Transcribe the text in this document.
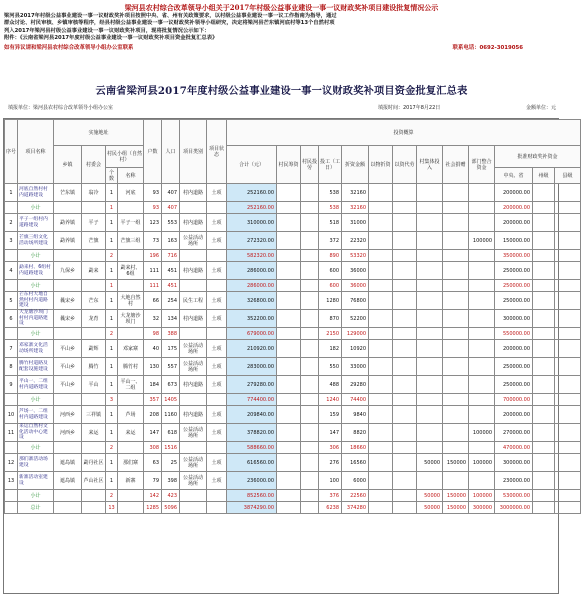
梁河县农村综合改革领导小组关于2017年村级公益事业建设一事一议财政奖补项目建设批复情况公示
梁河县2017年村级公益事业建设一事一议财政奖补项目按照中央、省、州有关政策要求，以村级公益事业建设一事一议工作指南为指导，通过
群众讨论、村民审核、乡镇审核等程序，经县村级公益事业建设一事一议财政奖补领导小组研究，决定将梁河县芒东镇河底村等13个自然村项
列入2017年梁河县村级公益事业建设一事一议财政奖补项目，现将批复情况公示如下：
附件：《云南省梁河县2017年度村级公益事业建设一事一议财政奖补项目资金批复汇总表》
如有异议请和梁河县农村综合改革领导小组办公室联系	联系电话：0692-3019056
云南省梁河县2017年度村级公益事业建设一事一议财政奖补项目资金批复汇总表
填报单位：梁河县农村综合改革领导小组办公室	填报时间：2017年8月22日	金额单位：元
序号	项目名称	实施地址				户数	人口	项目类别	项目状态	投资概算												
		乡镇	村委会	村民小组（自然村）						合计（元）	村民筹资	村民投劳	投工（工日）	折资金额	以物折资	以资代劳	村集体投入	社会捐赠	部门整合资金	批准财政奖补资金		
				个数	名称															中央、省	州级	县级
1	河底自然村村内道路建设	芒东镇	翁冷	1	河底	93	407	村内道路	土项	252160.00			538	32160						200000.00		
	小计			1		93	407			252160.00			538	32160						200000.00		
2	平子一组村内道路建设	勐养镇	平子	1	平子一组	123	553	村内道路	土项	310000.00			518	31000						200000.00		
3	芒旗三组文化活动场所建设	勐养镇	芒旗	1	芒旗三组	73	163	公益活动场所	土项	272320.00			372	22320					100000	150000.00		
	小计			2		196	716			582320.00			890	53320						350000.00		
4	勐来村、6组村内道路建设	九保乡	勐来	1	勐来村、6组	111	451	村内道路	土项	286000.00			600	36000						250000.00		
	小计			1		111	451			286000.00			600	36000						250000.00		
5	芒东村大地自然村村内道路建设	曩宋乡	芒东	1	大地自然村	66	254	民生工程	土项	326800.00			1280	76800						250000.00		
6	大龙塘沙坝门村村内道路建设	曩宋乡	龙育	1	大龙塘沙坝门	32	134	村内道路	土项	352200.00			870	52200						300000.00		
	小计			2		98	388			679000.00			2150	129000						550000.00		
7	邓家寨文化活动场所建设	平山乡	勐辉	1	邓家寨	40	175	公益活动场所	土项	210920.00			182	10920						200000.00		
8	腾竹村道路及配套设施建设	平山乡	腾竹	1	腾竹村	130	557	公益活动场所	土项	283000.00			550	33000						250000.00		
9	平山一、二组村内道路建设	平山乡	平山	1	平山一、二组	184	673	村内道路	土项	279280.00			488	29280						250000.00		
	小计			3		357	1405			774400.00			1240	74400						700000.00		
10	芦场一、二组村内道路建设	河西乡	三祥镇	1	芦场	208	1160	村内道路	土项	209840.00			159	9840						200000.00		
11	来运自然村文化活动中心建设	河西乡	来运	1	来运	147	618	公益活动场所	土项	378820.00			147	8820					100000	270000.00		
	小计			2		308	1516			588660.00			306	18660						470000.00		
12	那们寨活动场建设	遮岛镇	勐丹社区	1	那们寨	63	25	公益活动场所	土项	616560.00			276	16560			50000	150000	100000	300000.00		
13	新寨活动室建设	遮岛镇	芦山社区	1	新寨	79	398	公益活动场所	土项	236000.00			100	6000						230000.00		
	小计			2		142	423			852560.00			376	22560			50000	150000	100000	530000.00		
	总计			13		1285	5096			3874290.00			6238	374280			50000	150000	300000	3000000.00		
